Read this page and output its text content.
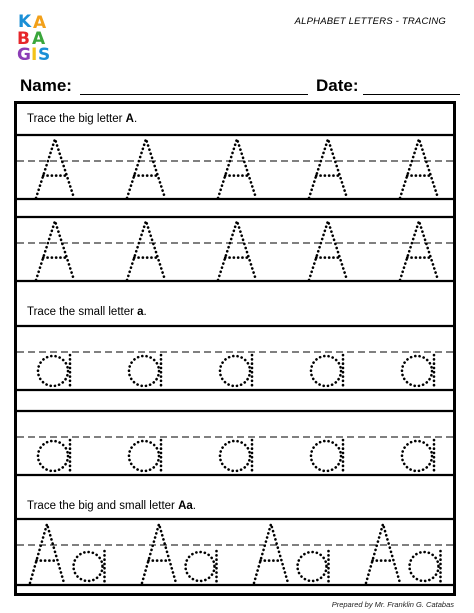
K A
B A
G I S
ALPHABET LETTERS - TRACING
Name:	Date:
Trace the big letter A.
Trace the small letter a.
Trace the big and small letter Aa.
Prepared by Mr. Franklin G. Catabas
